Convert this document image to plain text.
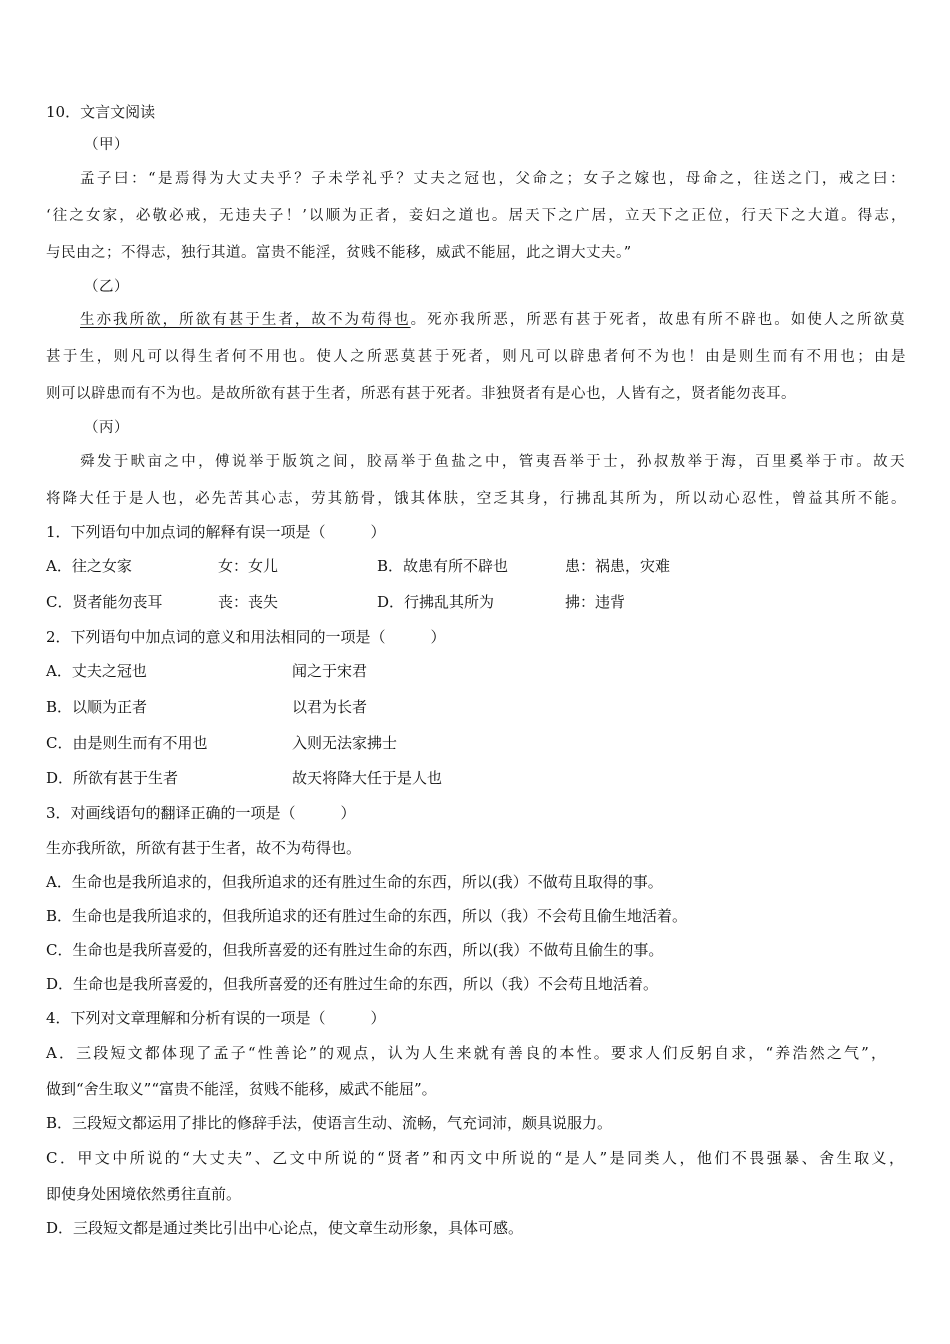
10．文言文阅读
（甲）
孟子曰：“是焉得为大丈夫乎？子未学礼乎？丈夫之冠也，父命之；女子之嫁也，母命之，往送之门，戒之曰：
‘往之女家，必敬必戒，无违夫子！’以顺为正者，妾妇之道也。居天下之广居，立天下之正位，行天下之大道。得志，
与民由之；不得志，独行其道。富贵不能淫，贫贱不能移，威武不能屈，此之谓大丈夫。”
（乙）
生亦我所欲，所欲有甚于生者，故不为苟得也。死亦我所恶，所恶有甚于死者，故患有所不辟也。如使人之所欲莫
甚于生，则凡可以得生者何不用也。使人之所恶莫甚于死者，则凡可以辟患者何不为也！由是则生而有不用也；由是
则可以辟患而有不为也。是故所欲有甚于生者，所恶有甚于死者。非独贤者有是心也，人皆有之，贤者能勿丧耳。
（丙）
舜发于畎亩之中，傅说举于版筑之间，胶鬲举于鱼盐之中，管夷吾举于士，孙叔敖举于海，百里奚举于市。故天
将降大任于是人也，必先苦其心志，劳其筋骨，饿其体肤，空乏其身，行拂乱其所为，所以动心忍性，曾益其所不能。
1．下列语句中加点词的解释有误一项是（　　　）
A．往之女家	女：女儿	B．故患有所不辟也	患：祸患，灾难
C．贤者能勿丧耳	丧：丧失	D．行拂乱其所为	拂：违背
2．下列语句中加点词的意义和用法相同的一项是（　　　）
A．丈夫之冠也	闻之于宋君
B．以顺为正者	以君为长者
C．由是则生而有不用也	入则无法家拂士
D．所欲有甚于生者	故天将降大任于是人也
3．对画线语句的翻译正确的一项是（　　　）
生亦我所欲，所欲有甚于生者，故不为苟得也。
A．生命也是我所追求的，但我所追求的还有胜过生命的东西，所以(我）不做苟且取得的事。
B．生命也是我所追求的，但我所追求的还有胜过生命的东西，所以（我）不会苟且偷生地活着。
C．生命也是我所喜爱的，但我所喜爱的还有胜过生命的东西，所以(我）不做苟且偷生的事。
D．生命也是我所喜爱的，但我所喜爱的还有胜过生命的东西，所以（我）不会苟且地活着。
4．下列对文章理解和分析有误的一项是（　　　）
A．三段短文都体现了孟子“性善论”的观点，认为人生来就有善良的本性。要求人们反躬自求，“养浩然之气”，
做到“舍生取义”“富贵不能淫，贫贱不能移，威武不能屈”。
B．三段短文都运用了排比的修辞手法，使语言生动、流畅，气充词沛，颇具说服力。
C．甲文中所说的“大丈夫”、乙文中所说的“贤者”和丙文中所说的“是人”是同类人，他们不畏强暴、舍生取义，
即使身处困境依然勇往直前。
D．三段短文都是通过类比引出中心论点，使文章生动形象，具体可感。
